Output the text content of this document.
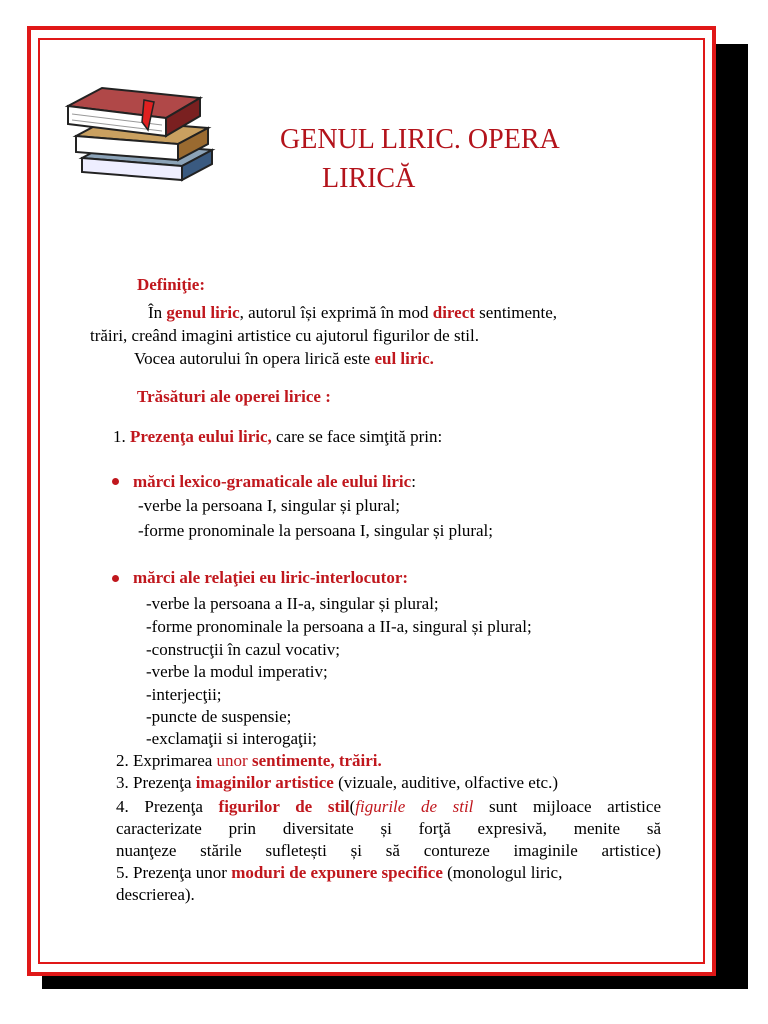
GENUL LIRIC. OPERA
LIRICĂ
Definiţie:
În genul liric, autorul își exprimă în mod direct sentimente,
trăiri, creând imagini artistice cu ajutorul figurilor de stil.
Vocea autorului în opera lirică este eul liric.
Trăsături ale operei lirice :
1. Prezenţa eului liric, care se face simţită prin:
mărci lexico-gramaticale ale eului liric:
-verbe la persoana I, singular și plural;
-forme pronominale la persoana I, singular și plural;
mărci ale relaţiei eu liric-interlocutor:
-verbe la persoana a II-a, singular și plural;
-forme pronominale la persoana a II-a, singural și plural;
-construcţii în cazul vocativ;
-verbe la modul imperativ;
-interjecţii;
-puncte de suspensie;
-exclamaţii si interogaţii;
2. Exprimarea unor sentimente, trăiri.
3. Prezenţa imaginilor artistice (vizuale, auditive, olfactive etc.)
4. Prezenţa figurilor de stil(figurile de stil sunt mijloace artistice
caracterizate prin diversitate și forţă expresivă, menite să
nuanţeze stările sufletești și să contureze imaginile artistice)
5. Prezenţa unor moduri de expunere specifice (monologul liric,
descrierea).
